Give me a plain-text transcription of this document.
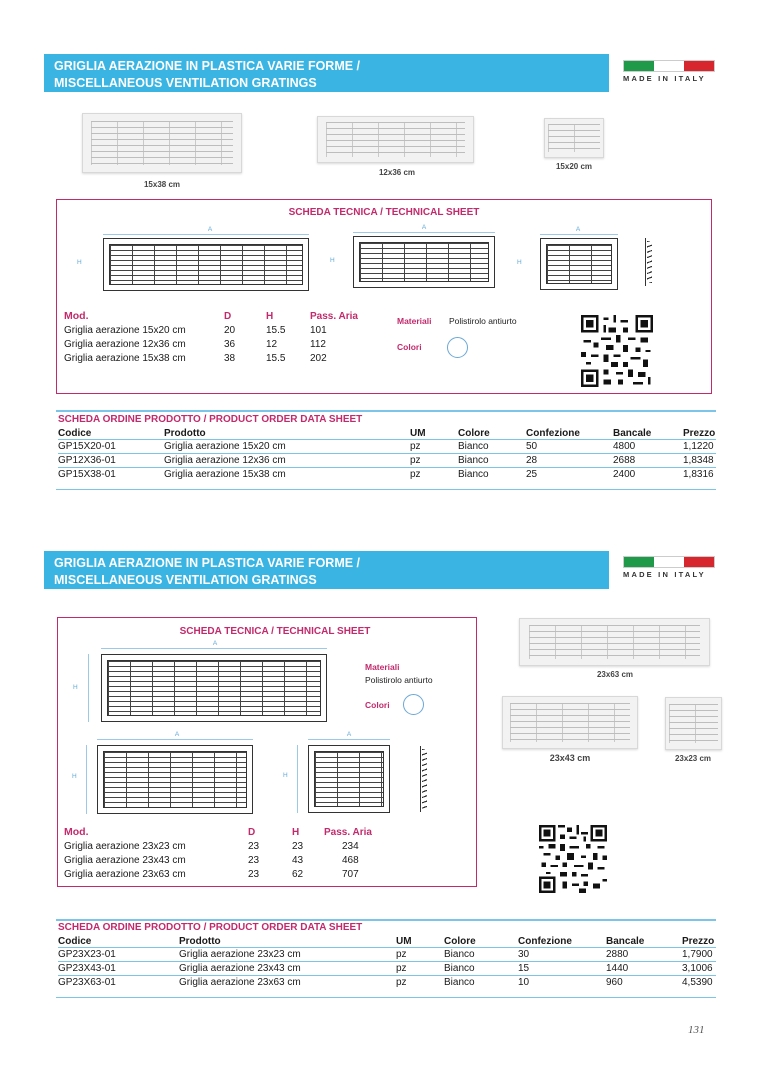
GRIGLIA AERAZIONE IN PLASTICA VARIE FORME /
MISCELLANEOUS VENTILATION GRATINGS	MADE IN ITALY
15x38 cm
12x36 cm
15x20 cm
SCHEDA TECNICA / TECHNICAL SHEET
A
H
A
H
A
H
Mod.	D	H	Pass. Aria
Griglia aerazione 15x20 cm	20	15.5	101
Griglia aerazione 12x36 cm	36	12	112
Griglia aerazione 15x38 cm	38	15.5	202
Materiali Polistirolo antiurto
Colori
SCHEDA ORDINE PRODOTTO / PRODUCT ORDER DATA SHEET
Codice	Prodotto	UM	Colore	Confezione	Bancale	Prezzo
GP15X20-01	Griglia aerazione 15x20 cm	pz	Bianco	50	4800	1,1220
GP12X36-01	Griglia aerazione 12x36 cm	pz	Bianco	28	2688	1,8348
GP15X38-01	Griglia aerazione 15x38 cm	pz	Bianco	25	2400	1,8316
GRIGLIA AERAZIONE IN PLASTICA VARIE FORME /
MISCELLANEOUS VENTILATION GRATINGS	MADE IN ITALY
SCHEDA TECNICA / TECHNICAL SHEET
A
H
A
H
A
H
Materiali
Polistirolo antiurto
Colori
Mod.	D	H	Pass. Aria
Griglia aerazione 23x23 cm	23	23	234
Griglia aerazione 23x43 cm	23	43	468
Griglia aerazione 23x63 cm	23	62	707
23x63 cm
23x43 cm	23x23 cm
SCHEDA ORDINE PRODOTTO / PRODUCT ORDER DATA SHEET
Codice	Prodotto	UM	Colore	Confezione	Bancale	Prezzo
GP23X23-01	Griglia aerazione 23x23 cm	pz	Bianco	30	2880	1,7900
GP23X43-01	Griglia aerazione 23x43 cm	pz	Bianco	15	1440	3,1006
GP23X63-01	Griglia aerazione 23x63 cm	pz	Bianco	10	960	4,5390
131
